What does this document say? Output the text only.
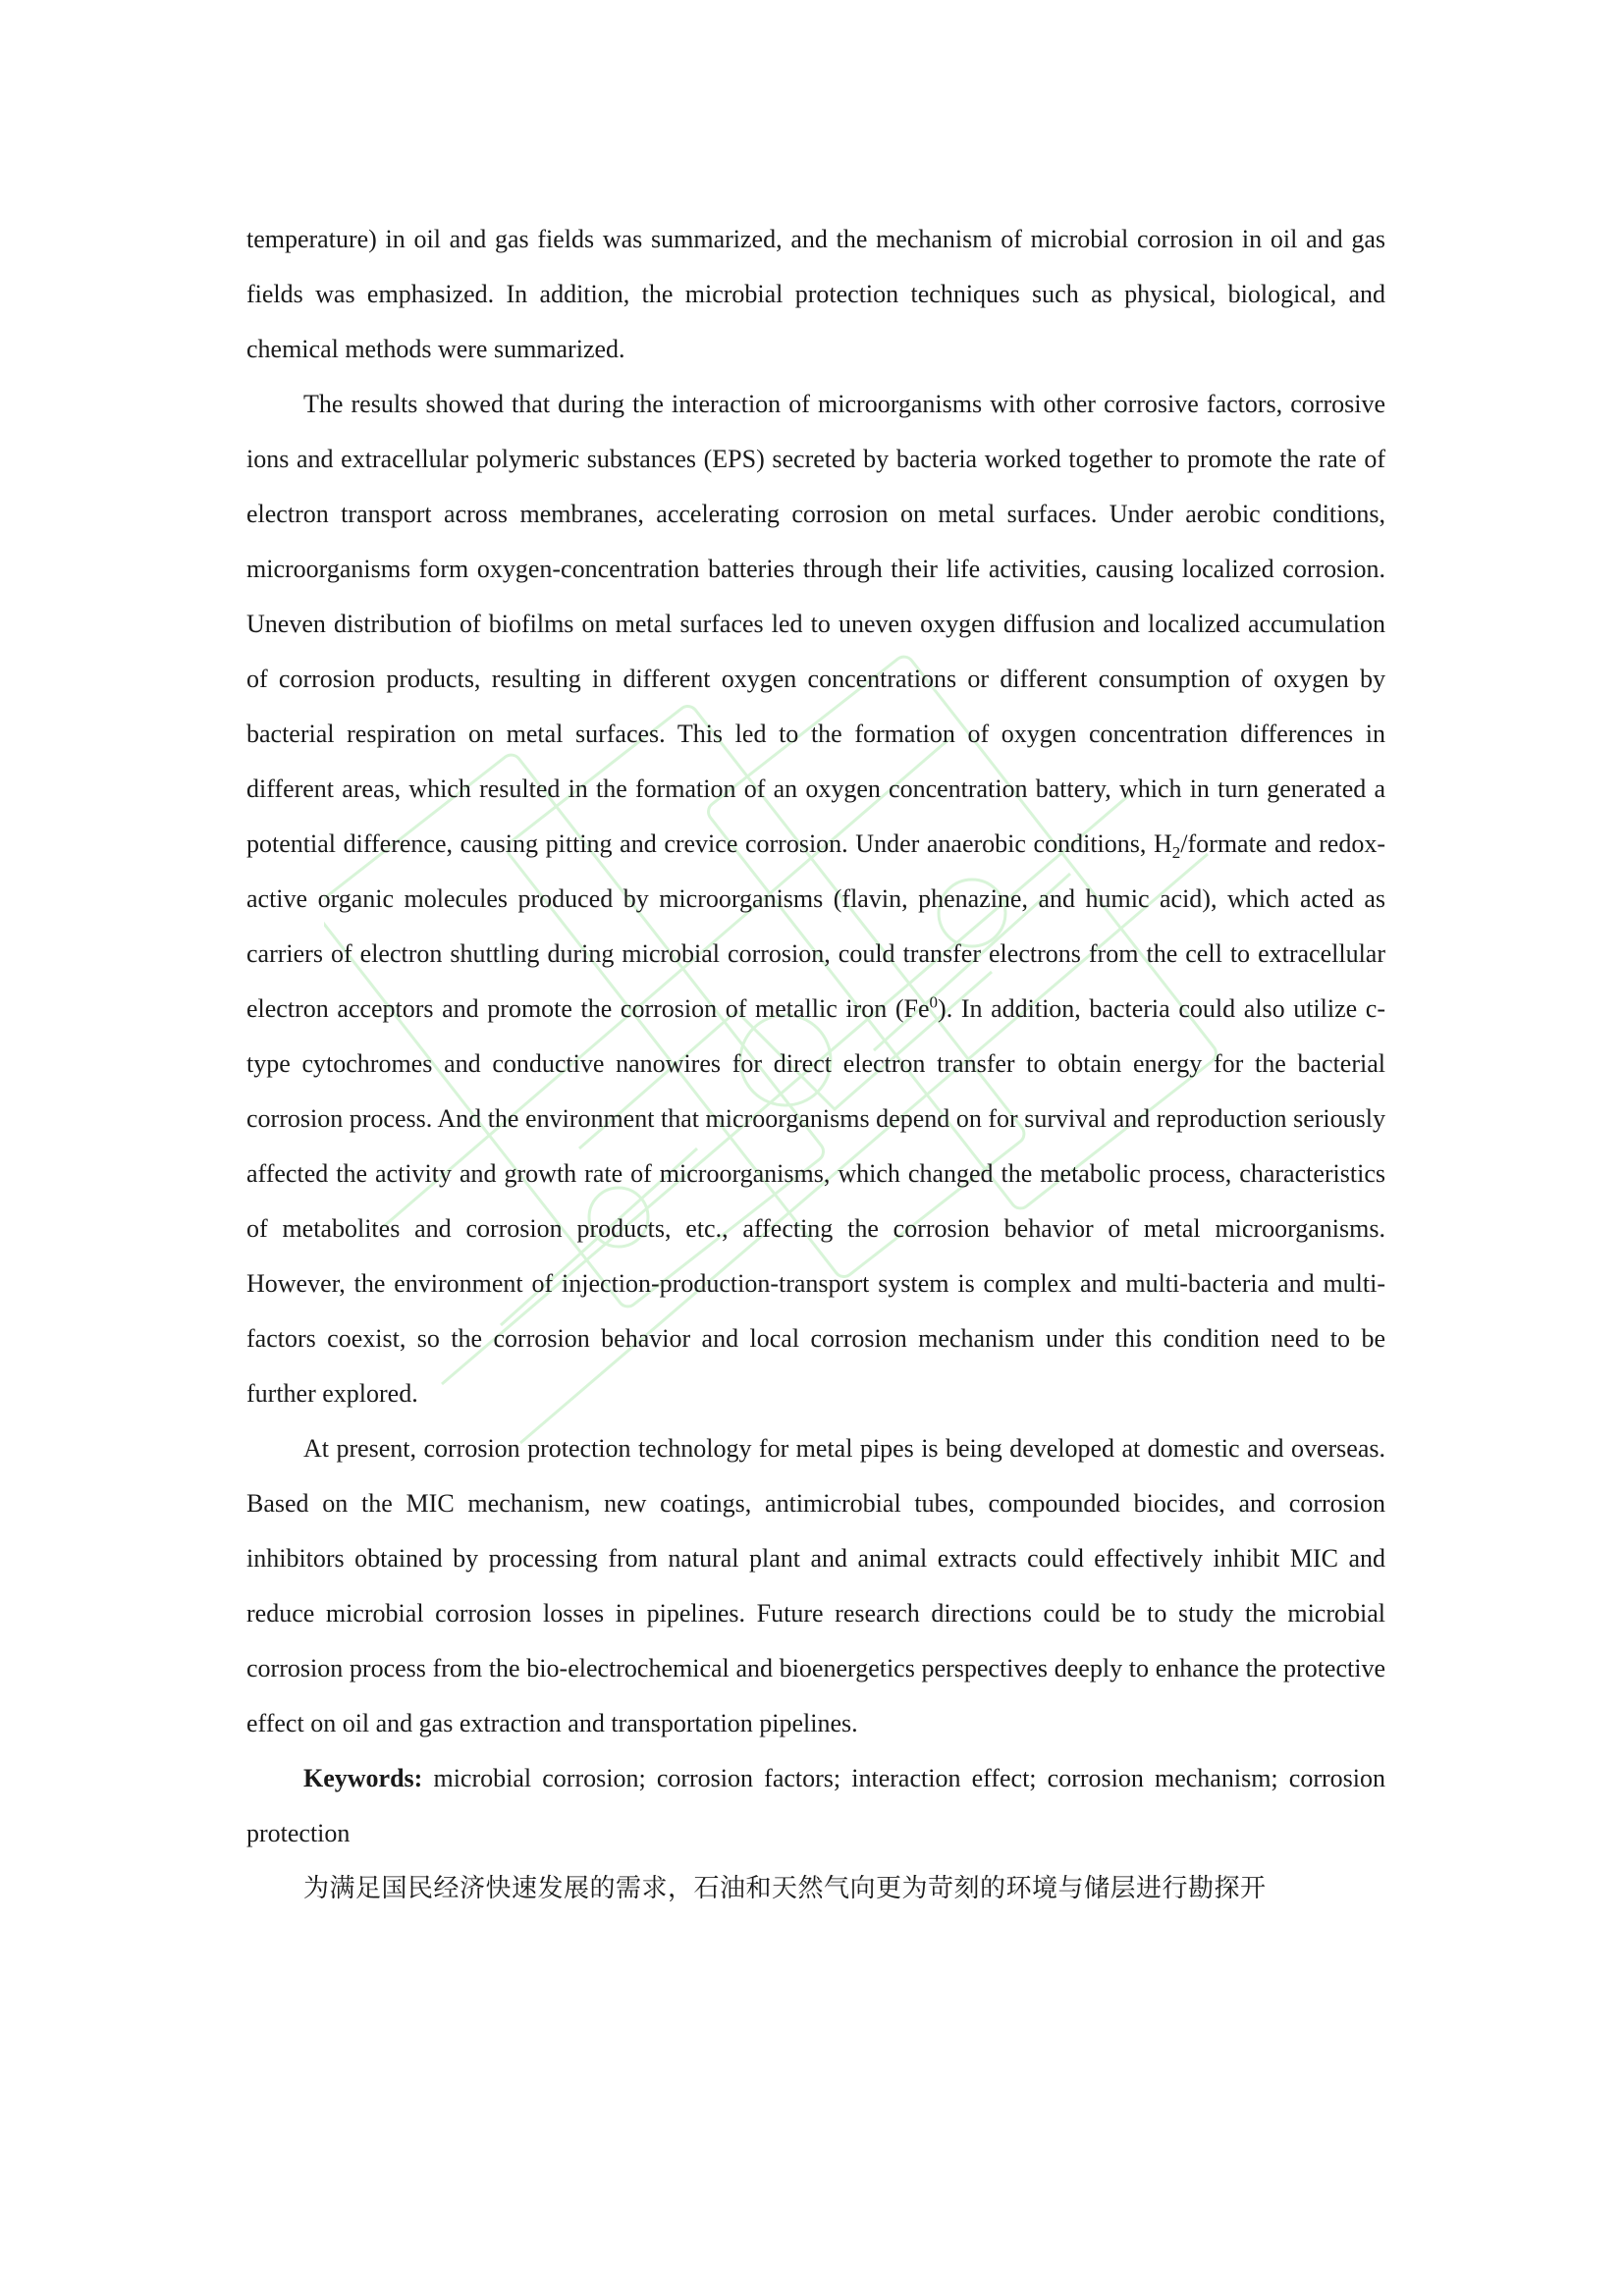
temperature) in oil and gas fields was summarized, and the mechanism of microbial corrosion in oil and gas fields was emphasized. In addition, the microbial protection techniques such as physical, biological, and chemical methods were summarized.

The results showed that during the interaction of microorganisms with other corrosive factors, corrosive ions and extracellular polymeric substances (EPS) secreted by bacteria worked together to promote the rate of electron transport across membranes, accelerating corrosion on metal surfaces. Under aerobic conditions, microorganisms form oxygen-concentration batteries through their life activities, causing localized corrosion. Uneven distribution of biofilms on metal surfaces led to uneven oxygen diffusion and localized accumulation of corrosion products, resulting in different oxygen concentrations or different consumption of oxygen by bacterial respiration on metal surfaces. This led to the formation of oxygen concentration differences in different areas, which resulted in the formation of an oxygen concentration battery, which in turn generated a potential difference, causing pitting and crevice corrosion. Under anaerobic conditions, $H_2$/formate and redox-active organic molecules produced by microorganisms (flavin, phenazine, and humic acid), which acted as carriers of electron shuttling during microbial corrosion, could transfer electrons from the cell to extracellular electron acceptors and promote the corrosion of metallic iron (Fe$^0$). In addition, bacteria could also utilize c-type cytochromes and conductive nanowires for direct electron transfer to obtain energy for the bacterial corrosion process. And the environment that microorganisms depend on for survival and reproduction seriously affected the activity and growth rate of microorganisms, which changed the metabolic process, characteristics of metabolites and corrosion products, etc., affecting the corrosion behavior of metal microorganisms. However, the environment of injection-production-transport system is complex and multi-bacteria and multi-factors coexist, so the corrosion behavior and local corrosion mechanism under this condition need to be further explored.

At present, corrosion protection technology for metal pipes is being developed at domestic and overseas. Based on the MIC mechanism, new coatings, antimicrobial tubes, compounded biocides, and corrosion inhibitors obtained by processing from natural plant and animal extracts could effectively inhibit MIC and reduce microbial corrosion losses in pipelines. Future research directions could be to study the microbial corrosion process from the bio-electrochemical and bioenergetics perspectives deeply to enhance the protective effect on oil and gas extraction and transportation pipelines.

Keywords: microbial corrosion; corrosion factors; interaction effect; corrosion mechanism; corrosion protection

为满足国民经济快速发展的需求，石油和天然气向更为苛刻的环境与储层进行勘探开
